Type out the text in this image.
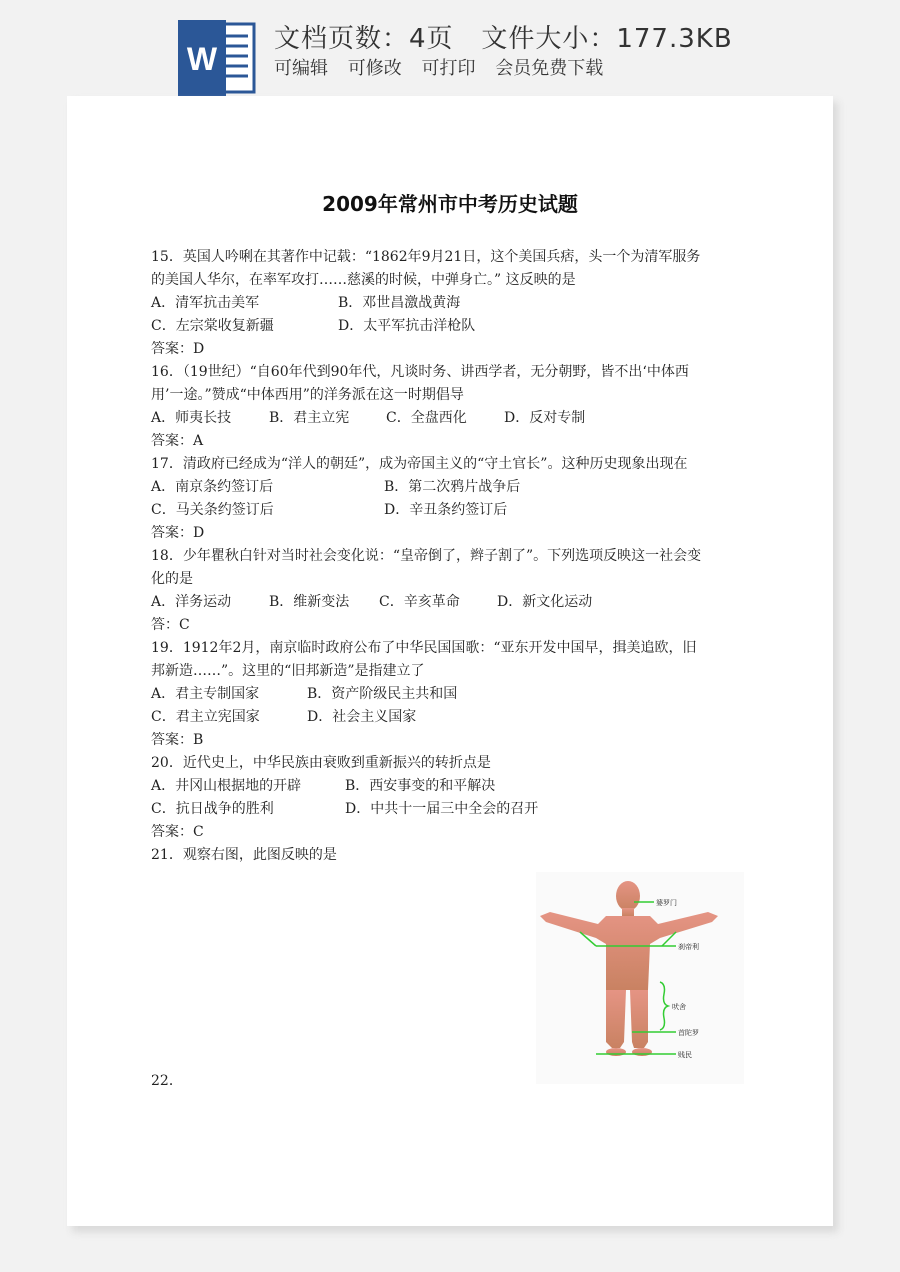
W
文档页数：4页   文件大小：177.3KB
可编辑 可修改 可打印 会员免费下载
2009年常州市中考历史试题
15．英国人吟唎在其著作中记载：“1862年9月21日，这个美国兵痞，头一个为清军服务
的美国人华尔，在率军攻打……慈溪的时候，中弹身亡。” 这反映的是
A．清军抗击美军	B．邓世昌激战黄海
C．左宗棠收复新疆	D．太平军抗击洋枪队
答案：D
16．（19世纪）“自60年代到90年代，凡谈时务、讲西学者，无分朝野，皆不出‘中体西
用’一途。”赞成“中体西用”的洋务派在这一时期倡导
A．师夷长技	B．君主立宪	C．全盘西化	D．反对专制
答案：A
17．清政府已经成为“洋人的朝廷”，成为帝国主义的“守土官长”。这种历史现象出现在
A．南京条约签订后	B．第二次鸦片战争后
C．马关条约签订后	D．辛丑条约签订后
答案：D
18．少年瞿秋白针对当时社会变化说：“皇帝倒了，辫子割了”。下列选项反映这一社会变
化的是
A．洋务运动	B．维新变法 C．辛亥革命	D．新文化运动
答：C
19．1912年2月，南京临时政府公布了中华民国国歌：“亚东开发中国早，揖美追欧，旧
邦新造……”。这里的“旧邦新造”是指建立了
A．君主专制国家	B．资产阶级民主共和国
C．君主立宪国家	D．社会主义国家
答案：B
20．近代史上，中华民族由衰败到重新振兴的转折点是
A．井冈山根据地的开辟	B．西安事变的和平解决
C．抗日战争的胜利	D．中共十一届三中全会的召开
答案：C
21．观察右图，此图反映的是
婆罗门
刹帝利
吠舍
首陀罗
贱民
22．
